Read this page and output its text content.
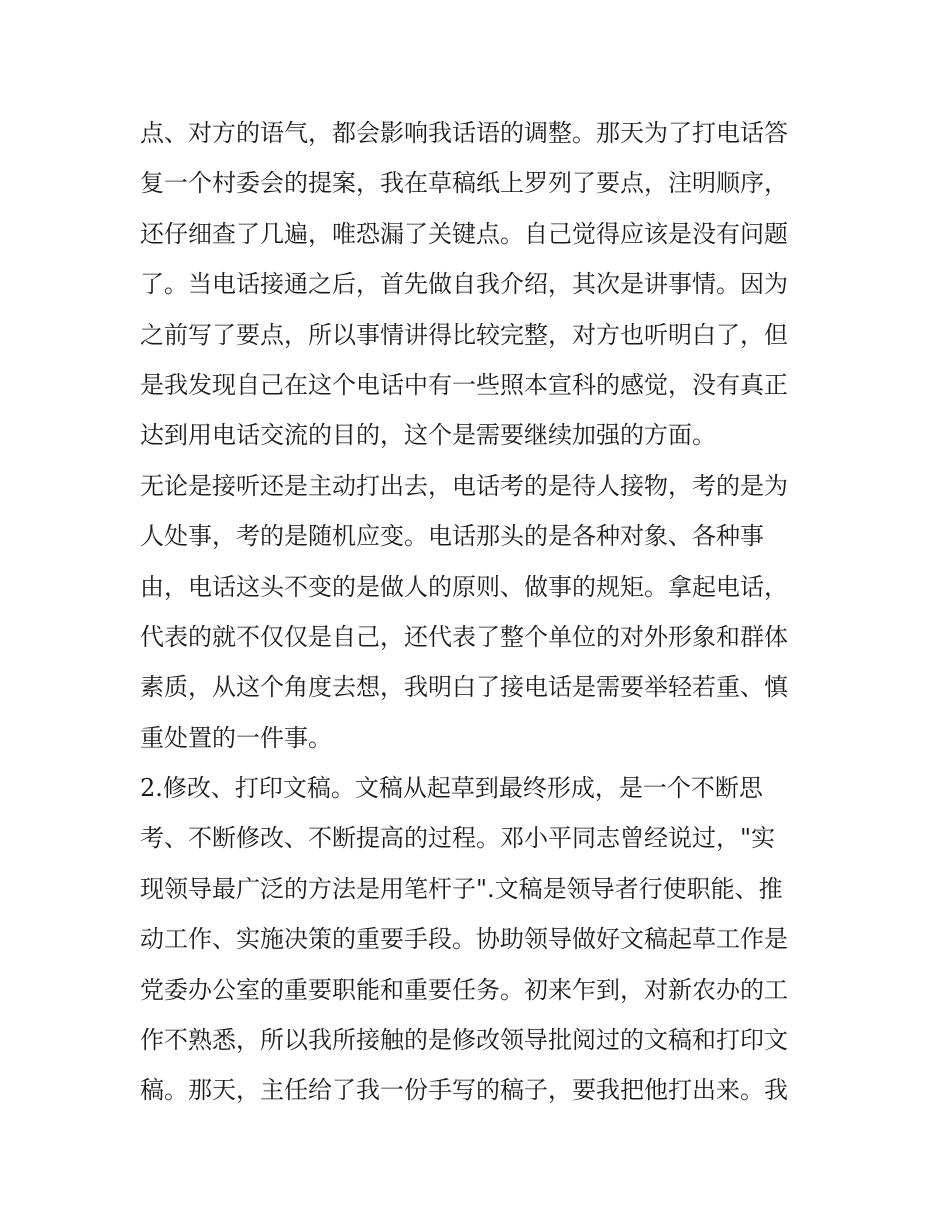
点、对方的语气，都会影响我话语的调整。那天为了打电话答
复一个村委会的提案，我在草稿纸上罗列了要点，注明顺序，
还仔细查了几遍，唯恐漏了关键点。自己觉得应该是没有问题
了。当电话接通之后，首先做自我介绍，其次是讲事情。因为
之前写了要点，所以事情讲得比较完整，对方也听明白了，但
是我发现自己在这个电话中有一些照本宣科的感觉，没有真正
达到用电话交流的目的，这个是需要继续加强的方面。
无论是接听还是主动打出去，电话考的是待人接物，考的是为
人处事，考的是随机应变。电话那头的是各种对象、各种事
由，电话这头不变的是做人的原则、做事的规矩。拿起电话，
代表的就不仅仅是自己，还代表了整个单位的对外形象和群体
素质，从这个角度去想，我明白了接电话是需要举轻若重、慎
重处置的一件事。
2.修改、打印文稿。文稿从起草到最终形成，是一个不断思
考、不断修改、不断提高的过程。邓小平同志曾经说过，"实
现领导最广泛的方法是用笔杆子".文稿是领导者行使职能、推
动工作、实施决策的重要手段。协助领导做好文稿起草工作是
党委办公室的重要职能和重要任务。初来乍到，对新农办的工
作不熟悉，所以我所接触的是修改领导批阅过的文稿和打印文
稿。那天，主任给了我一份手写的稿子，要我把他打出来。我
